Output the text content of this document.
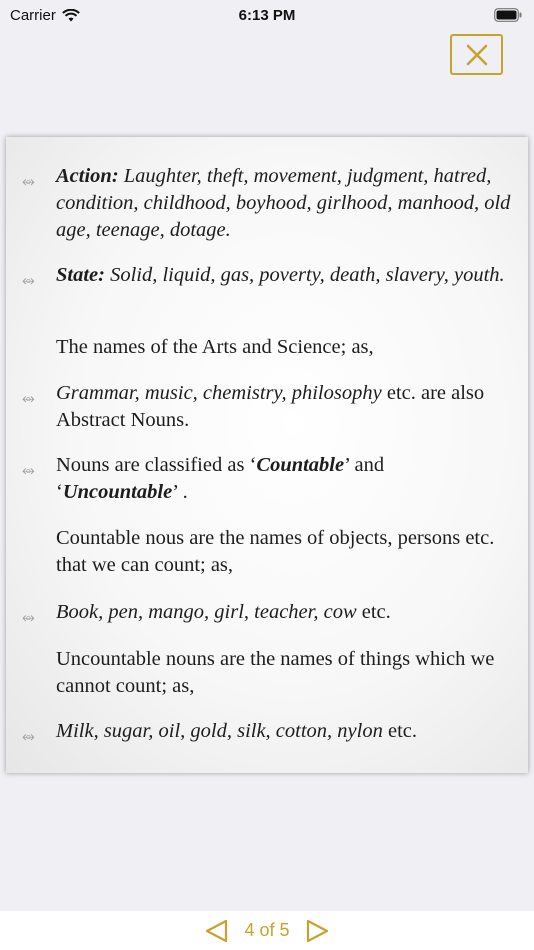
Carrier	6:13 PM
⥈ Action: Laughter, theft, movement, judgment, hatred, condition, childhood, boyhood, girlhood, manhood, old age, teenage, dotage.
⥈ State: Solid, liquid, gas, poverty, death, slavery, youth.
The names of the Arts and Science; as,
⥈ Grammar, music, chemistry, philosophy etc. are also Abstract Nouns.
⥈ Nouns are classified as ‘Countable’ and
‘Uncountable’ .
Countable nous are the names of objects, persons etc. that we can count; as,
⥈ Book, pen, mango, girl, teacher, cow etc.
Uncountable nouns are the names of things which we cannot count; as,
⥈ Milk, sugar, oil, gold, silk, cotton, nylon etc.
4 of 5
